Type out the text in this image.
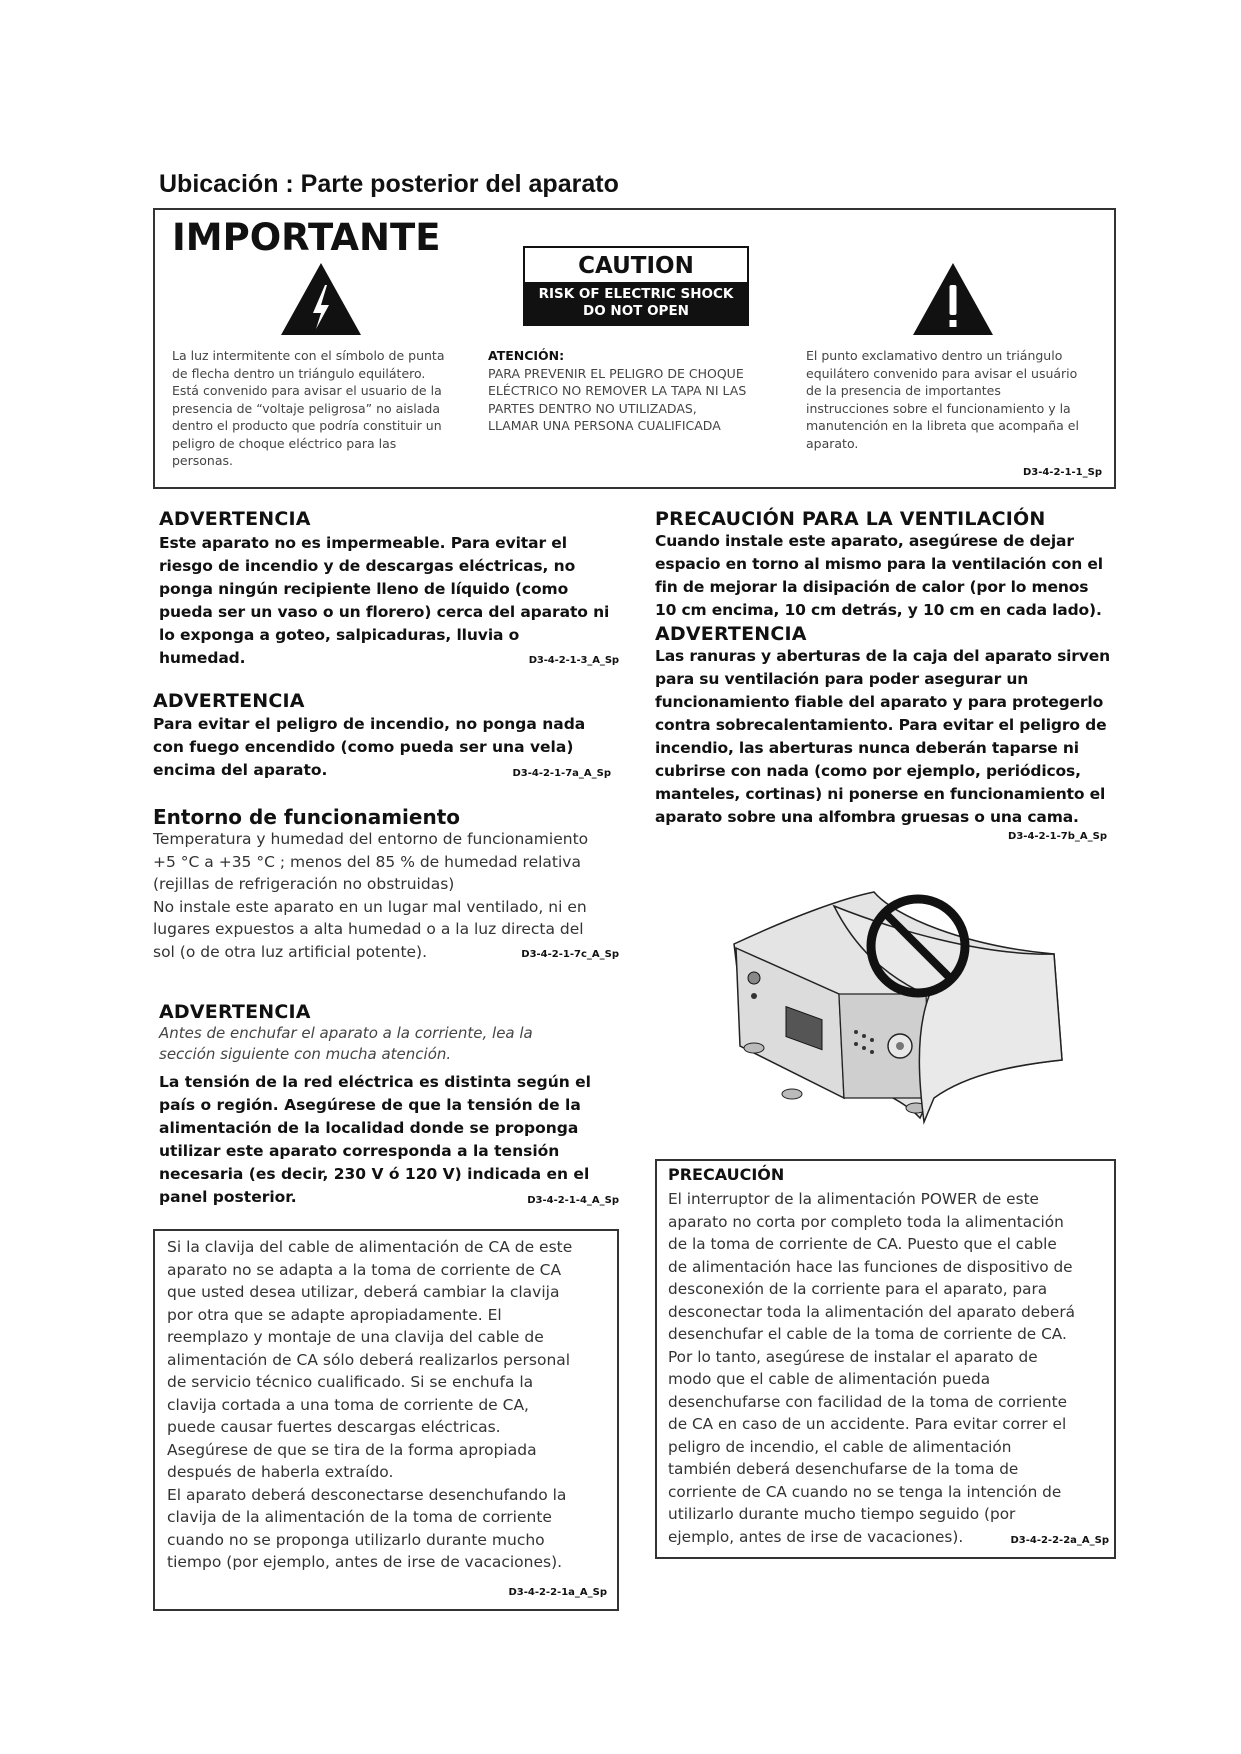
Ubicación : Parte posterior del aparato
IMPORTANTE
CAUTION
RISK OF ELECTRIC SHOCK
DO NOT OPEN
La luz intermitente con el símbolo de punta
de flecha dentro un triángulo equilátero.
Está convenido para avisar el usuario de la
presencia de “voltaje peligrosa” no aislada
dentro el producto que podría constituir un
peligro de choque eléctrico para las
personas.
ATENCIÓN:
PARA PREVENIR EL PELIGRO DE CHOQUE
ELÉCTRICO NO REMOVER LA TAPA NI LAS
PARTES DENTRO NO UTILIZADAS,
LLAMAR UNA PERSONA CUALIFICADA
El punto exclamativo dentro un triángulo
equilátero convenido para avisar el usuário
de la presencia de importantes
instrucciones sobre el funcionamiento y la
manutención en la libreta que acompaña el
aparato.
D3-4-2-1-1_Sp
ADVERTENCIA
Este aparato no es impermeable. Para evitar el
riesgo de incendio y de descargas eléctricas, no
ponga ningún recipiente lleno de líquido (como
pueda ser un vaso o un florero) cerca del aparato ni
lo exponga a goteo, salpicaduras, lluvia o
humedad.	D3-4-2-1-3_A_Sp
ADVERTENCIA
Para evitar el peligro de incendio, no ponga nada
con fuego encendido (como pueda ser una vela)
encima del aparato.	D3-4-2-1-7a_A_Sp
Entorno de funcionamiento
Temperatura y humedad del entorno de funcionamiento
+5 °C a +35 °C ; menos del 85 % de humedad relativa
(rejillas de refrigeración no obstruidas)
No instale este aparato en un lugar mal ventilado, ni en
lugares expuestos a alta humedad o a la luz directa del
sol (o de otra luz artificial potente).	D3-4-2-1-7c_A_Sp
ADVERTENCIA
Antes de enchufar el aparato a la corriente, lea la
sección siguiente con mucha atención.
La tensión de la red eléctrica es distinta según el
país o región. Asegúrese de que la tensión de la
alimentación de la localidad donde se proponga
utilizar este aparato corresponda a la tensión
necesaria (es decir, 230 V ó 120 V) indicada en el
panel posterior.	D3-4-2-1-4_A_Sp
Si la clavija del cable de alimentación de CA de este
aparato no se adapta a la toma de corriente de CA
que usted desea utilizar, deberá cambiar la clavija
por otra que se adapte apropiadamente. El
reemplazo y montaje de una clavija del cable de
alimentación de CA sólo deberá realizarlos personal
de servicio técnico cualificado. Si se enchufa la
clavija cortada a una toma de corriente de CA,
puede causar fuertes descargas eléctricas.
Asegúrese de que se tira de la forma apropiada
después de haberla extraído.
El aparato deberá desconectarse desenchufando la
clavija de la alimentación de la toma de corriente
cuando no se proponga utilizarlo durante mucho
tiempo (por ejemplo, antes de irse de vacaciones).
D3-4-2-2-1a_A_Sp
PRECAUCIÓN PARA LA VENTILACIÓN
Cuando instale este aparato, asegúrese de dejar
espacio en torno al mismo para la ventilación con el
fin de mejorar la disipación de calor (por lo menos
10 cm encima, 10 cm detrás, y 10 cm en cada lado).
ADVERTENCIA
Las ranuras y aberturas de la caja del aparato sirven
para su ventilación para poder asegurar un
funcionamiento fiable del aparato y para protegerlo
contra sobrecalentamiento. Para evitar el peligro de
incendio, las aberturas nunca deberán taparse ni
cubrirse con nada (como por ejemplo, periódicos,
manteles, cortinas) ni ponerse en funcionamiento el
aparato sobre una alfombra gruesas o una cama.
D3-4-2-1-7b_A_Sp
PRECAUCIÓN
El interruptor de la alimentación POWER de este
aparato no corta por completo toda la alimentación
de la toma de corriente de CA. Puesto que el cable
de alimentación hace las funciones de dispositivo de
desconexión de la corriente para el aparato, para
desconectar toda la alimentación del aparato deberá
desenchufar el cable de la toma de corriente de CA.
Por lo tanto, asegúrese de instalar el aparato de
modo que el cable de alimentación pueda
desenchufarse con facilidad de la toma de corriente
de CA en caso de un accidente. Para evitar correr el
peligro de incendio, el cable de alimentación
también deberá desenchufarse de la toma de
corriente de CA cuando no se tenga la intención de
utilizarlo durante mucho tiempo seguido (por
ejemplo, antes de irse de vacaciones).	D3-4-2-2-2a_A_Sp
